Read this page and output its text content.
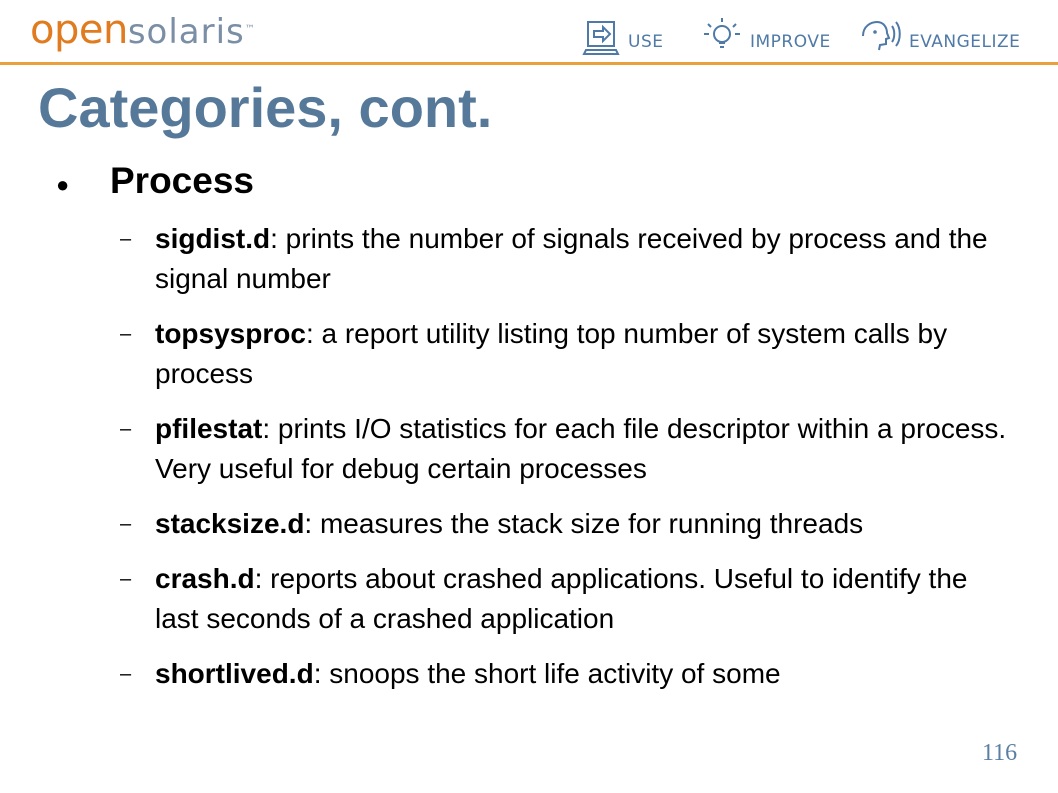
opensolaris™
USE	IMPROVE	EVANGELIZE
Categories, cont.
● Process
– sigdist.d: prints the number of signals received by process and the signal number
– topsysproc: a report utility listing top number of system calls by process
– pfilestat: prints I/O statistics for each file descriptor within a process. Very useful for debug certain processes
– stacksize.d: measures the stack size for running threads
– crash.d: reports about crashed applications. Useful to identify the last seconds of a crashed application
– shortlived.d: snoops the short life activity of some
116
